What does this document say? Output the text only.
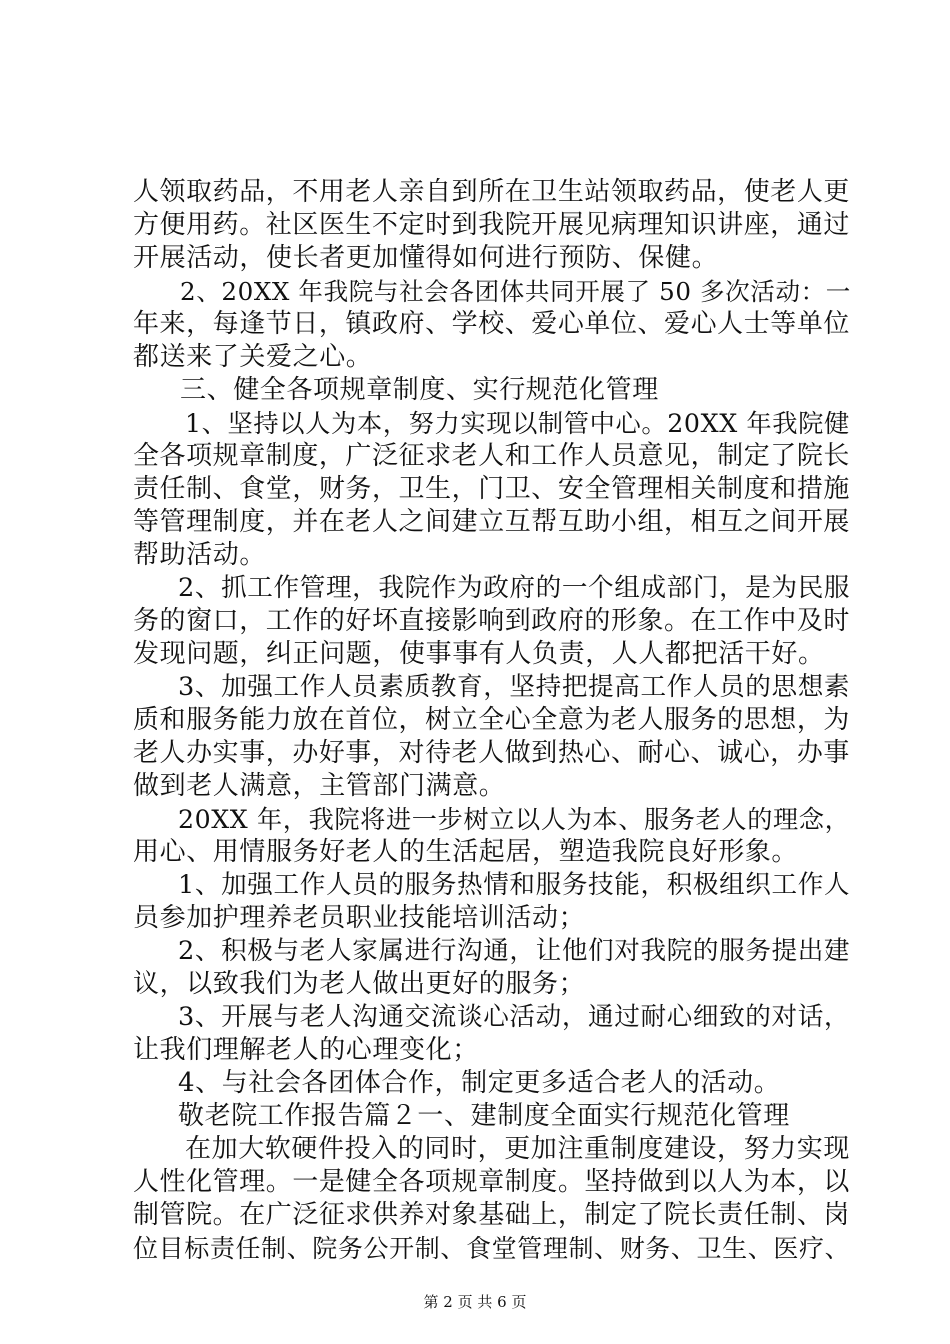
人领取药品，不用老人亲自到所在卫生站领取药品，使老人更
方便用药。社区医生不定时到我院开展见病理知识讲座，通过
开展活动，使长者更加懂得如何进行预防、保健。
2、20XX 年我院与社会各团体共同开展了 50 多次活动：一
年来，每逢节日，镇政府、学校、爱心单位、爱心人士等单位
都送来了关爱之心。
三、健全各项规章制度、实行规范化管理
1、坚持以人为本，努力实现以制管中心。20XX 年我院健
全各项规章制度，广泛征求老人和工作人员意见，制定了院长
责任制、食堂，财务，卫生，门卫、安全管理相关制度和措施
等管理制度，并在老人之间建立互帮互助小组，相互之间开展
帮助活动。
2、抓工作管理，我院作为政府的一个组成部门，是为民服
务的窗口，工作的好坏直接影响到政府的形象。在工作中及时
发现问题，纠正问题，使事事有人负责，人人都把活干好。
3、加强工作人员素质教育，坚持把提高工作人员的思想素
质和服务能力放在首位，树立全心全意为老人服务的思想，为
老人办实事，办好事，对待老人做到热心、耐心、诚心，办事
做到老人满意，主管部门满意。
20XX 年，我院将进一步树立以人为本、服务老人的理念，
用心、用情服务好老人的生活起居，塑造我院良好形象。
1、加强工作人员的服务热情和服务技能，积极组织工作人
员参加护理养老员职业技能培训活动；
2、积极与老人家属进行沟通，让他们对我院的服务提出建
议，以致我们为老人做出更好的服务；
3、开展与老人沟通交流谈心活动，通过耐心细致的对话，
让我们理解老人的心理变化；
4、与社会各团体合作，制定更多适合老人的活动。
敬老院工作报告篇２一、建制度全面实行规范化管理
在加大软硬件投入的同时，更加注重制度建设，努力实现
人性化管理。一是健全各项规章制度。坚持做到以人为本，以
制管院。在广泛征求供养对象基础上，制定了院长责任制、岗
位目标责任制、院务公开制、食堂管理制、财务、卫生、医疗、
第 2 页 共 6 页
